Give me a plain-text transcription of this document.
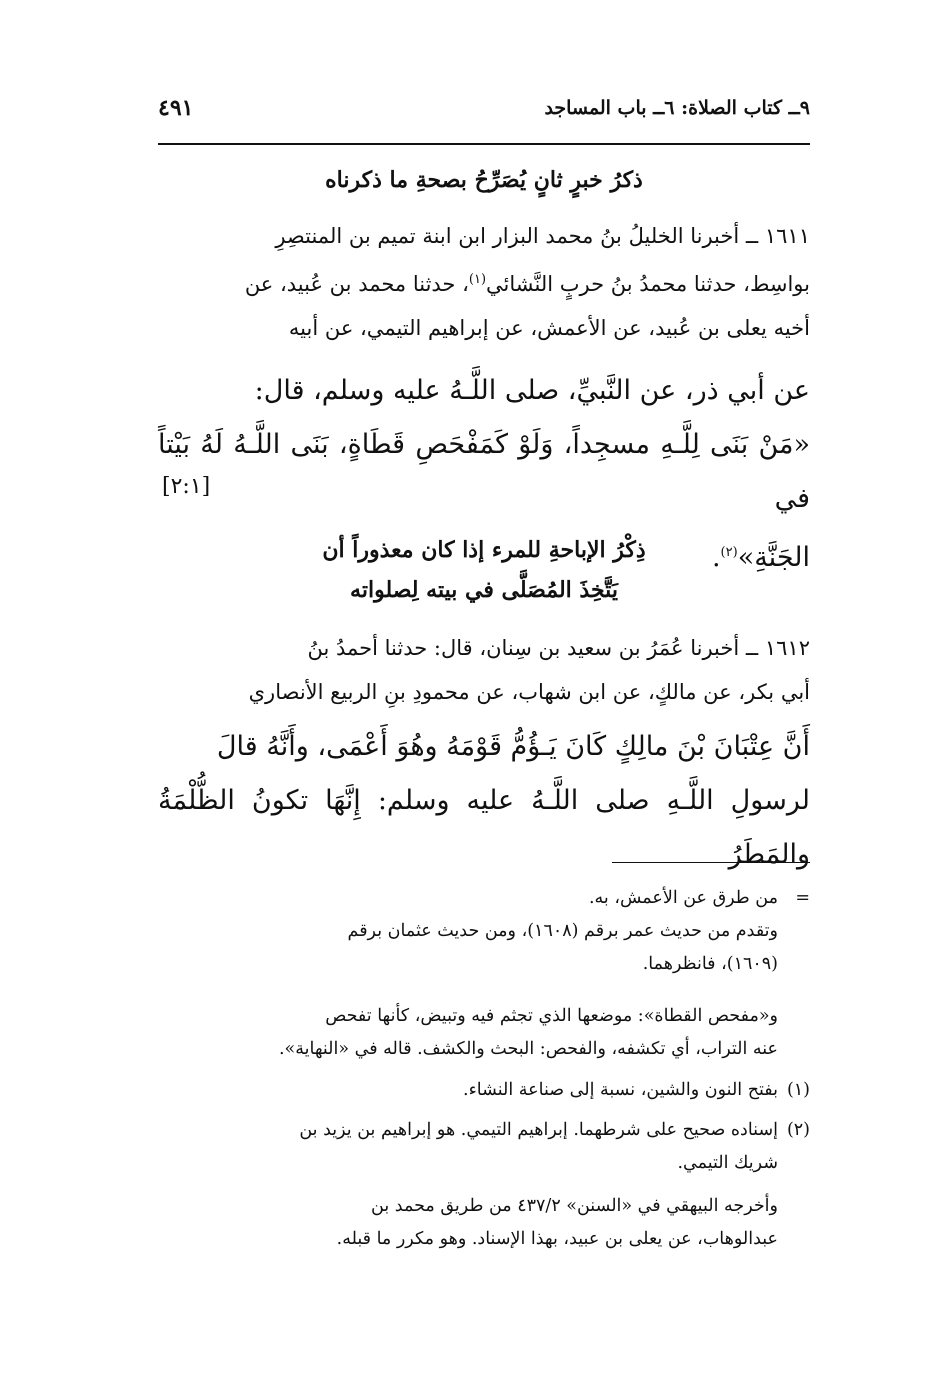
٩ــ كتاب الصلاة: ٦ــ باب المساجد
٤٩١
ذكرُ خبرٍ ثانٍ يُصَرِّحُ بصحةِ ما ذكرناه
١٦١١ ــ أخبرنا الخليلُ بنُ محمد البزار ابن ابنة تميم بن المنتصِرِ
بواسِط، حدثنا محمدُ بنُ حربٍ النَّشائي$^{(١)}$، حدثنا محمد بن عُبيد، عن
أخيه يعلى بن عُبيد، عن الأعمش، عن إبراهيم التيمي، عن أبيه
عن أبي ذر، عن النَّبيِّ، صلى اللَّـهُ عليه وسلم، قال:
«مَنْ بَنَى لِلَّـهِ مسجِداً، وَلَوْ كَمَفْحَصِ قَطَاةٍ، بَنَى اللَّـهُ لَهُ بَيْتاً في
الجَنَّةِ»$^{(٢)}$.
[٢:١]
ذِكْرُ الإباحةِ للمرء إذا كان معذوراً أن
يَتَّخِذَ المُصَلَّى في بيته لِصلواته
١٦١٢ ــ أخبرنا عُمَرُ بن سعيد بن سِنان، قال: حدثنا أحمدُ بنُ
أبي بكر، عن مالكٍ، عن ابن شهاب، عن محمودِ بنِ الربيع الأنصاري
أَنَّ عِتْبَانَ بْنَ مالِكٍ كَانَ يَـؤُمُّ قَوْمَهُ وهُوَ أَعْمَى، وأَنَّهُ قالَ
لرسولِ اللَّـهِ صلى اللَّـهُ عليه وسلم: إِنَّهَا تكونُ الظُّلْمَةُ والمَطَرُ
=من طرق عن الأعمش، به.
وتقدم من حديث عمر برقم (١٦٠٨)، ومن حديث عثمان برقم
(١٦٠٩)، فانظرهما.
و«مفحص القطاة»: موضعها الذي تجثم فيه وتبيض، كأنها تفحص
عنه التراب، أي تكشفه، والفحص: البحث والكشف. قاله في «النهاية».
(١)بفتح النون والشين، نسبة إلى صناعة النشاء.
(٢)إسناده صحيح على شرطهما. إبراهيم التيمي. هو إبراهيم بن يزيد بن
شريك التيمي.
وأخرجه البيهقي في «السنن» ٤٣٧/٢ من طريق محمد بن
عبدالوهاب، عن يعلى بن عبيد، بهذا الإسناد. وهو مكرر ما قبله.
